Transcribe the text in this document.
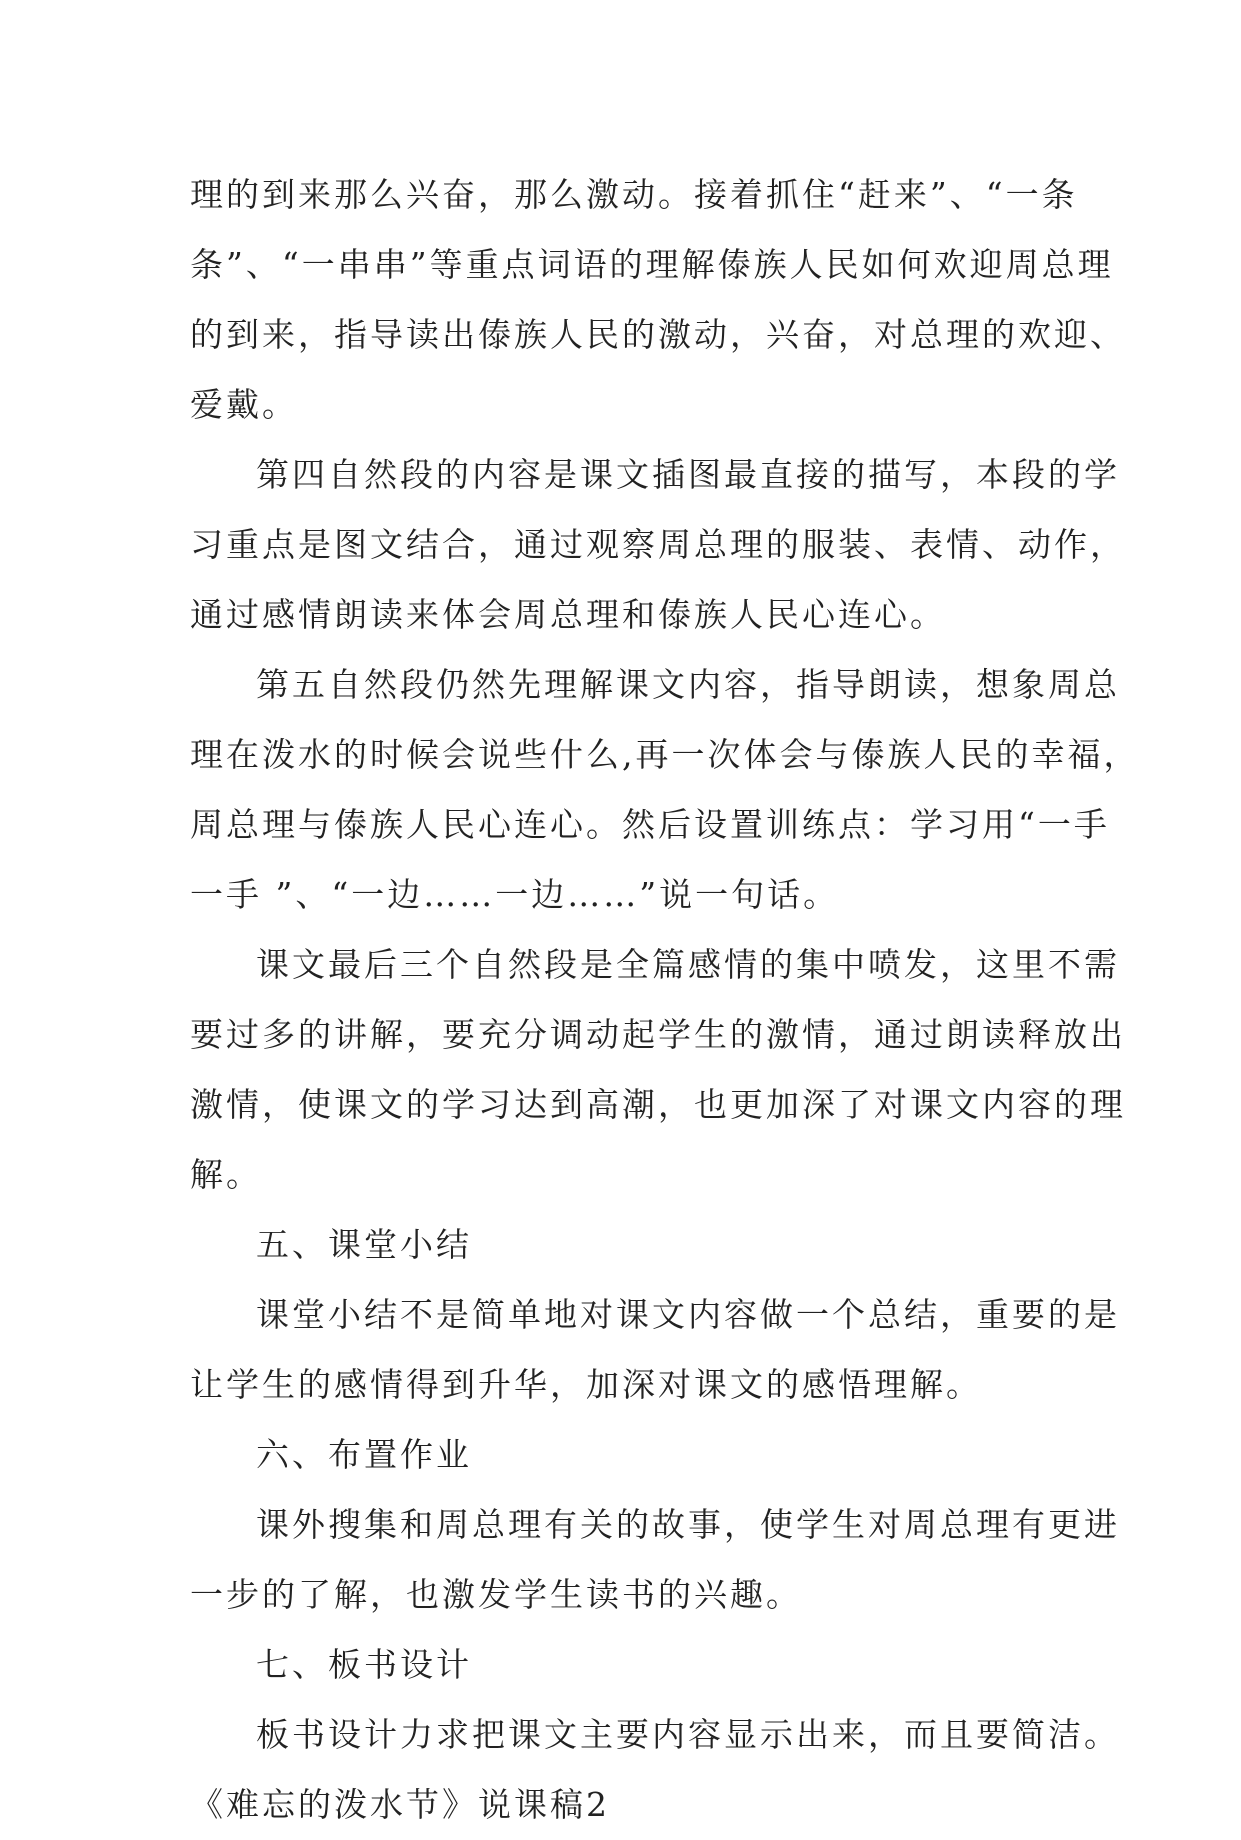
理的到来那么兴奋，那么激动。接着抓住“赶来”、“一条
条”、“一串串”等重点词语的理解傣族人民如何欢迎周总理
的到来，指导读出傣族人民的激动，兴奋，对总理的欢迎、
爱戴。
第四自然段的内容是课文插图最直接的描写，本段的学
习重点是图文结合，通过观察周总理的服装、表情、动作，
通过感情朗读来体会周总理和傣族人民心连心。
第五自然段仍然先理解课文内容，指导朗读，想象周总
理在泼水的时候会说些什么,再一次体会与傣族人民的幸福，
周总理与傣族人民心连心。然后设置训练点：学习用“一手
一手 ”、“一边……一边……”说一句话。
课文最后三个自然段是全篇感情的集中喷发，这里不需
要过多的讲解，要充分调动起学生的激情，通过朗读释放出
激情，使课文的学习达到高潮，也更加深了对课文内容的理
解。
五、课堂小结
课堂小结不是简单地对课文内容做一个总结，重要的是
让学生的感情得到升华，加深对课文的感悟理解。
六、布置作业
课外搜集和周总理有关的故事，使学生对周总理有更进
一步的了解，也激发学生读书的兴趣。
七、板书设计
板书设计力求把课文主要内容显示出来，而且要简洁。
《难忘的泼水节》说课稿2
